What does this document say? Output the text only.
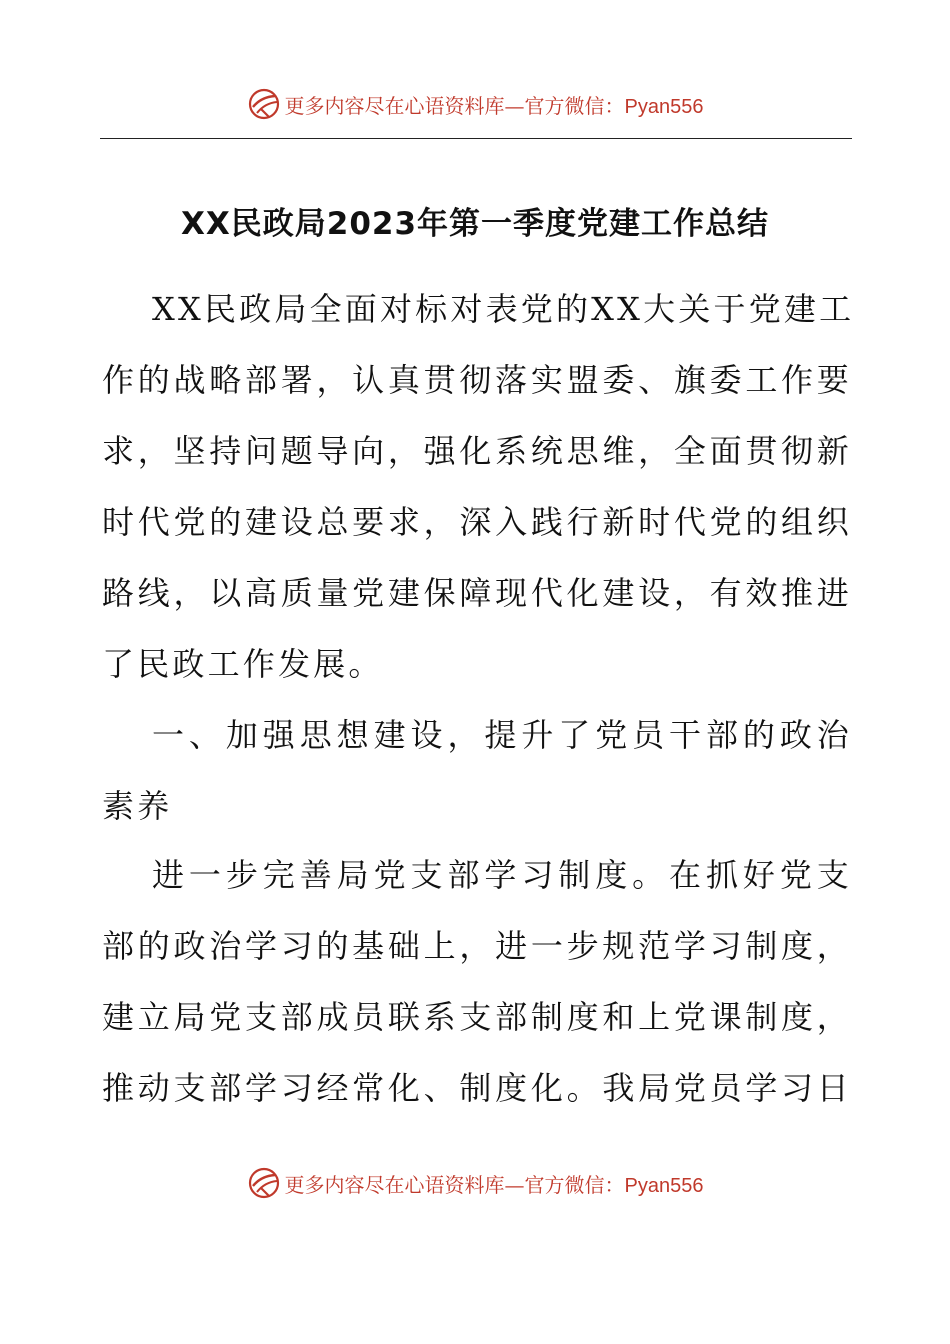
更多内容尽在心语资料库—官方微信：Pyan556
XX民政局2023年第一季度党建工作总结
XX民政局全面对标对表党的XX大关于党建工
作的战略部署，认真贯彻落实盟委、旗委工作要
求，坚持问题导向，强化系统思维，全面贯彻新
时代党的建设总要求，深入践行新时代党的组织
路线，以高质量党建保障现代化建设，有效推进
了民政工作发展。
一、加强思想建设，提升了党员干部的政治
素养
进一步完善局党支部学习制度。在抓好党支
部的政治学习的基础上，进一步规范学习制度，
建立局党支部成员联系支部制度和上党课制度，
推动支部学习经常化、制度化。我局党员学习日
更多内容尽在心语资料库—官方微信：Pyan556
